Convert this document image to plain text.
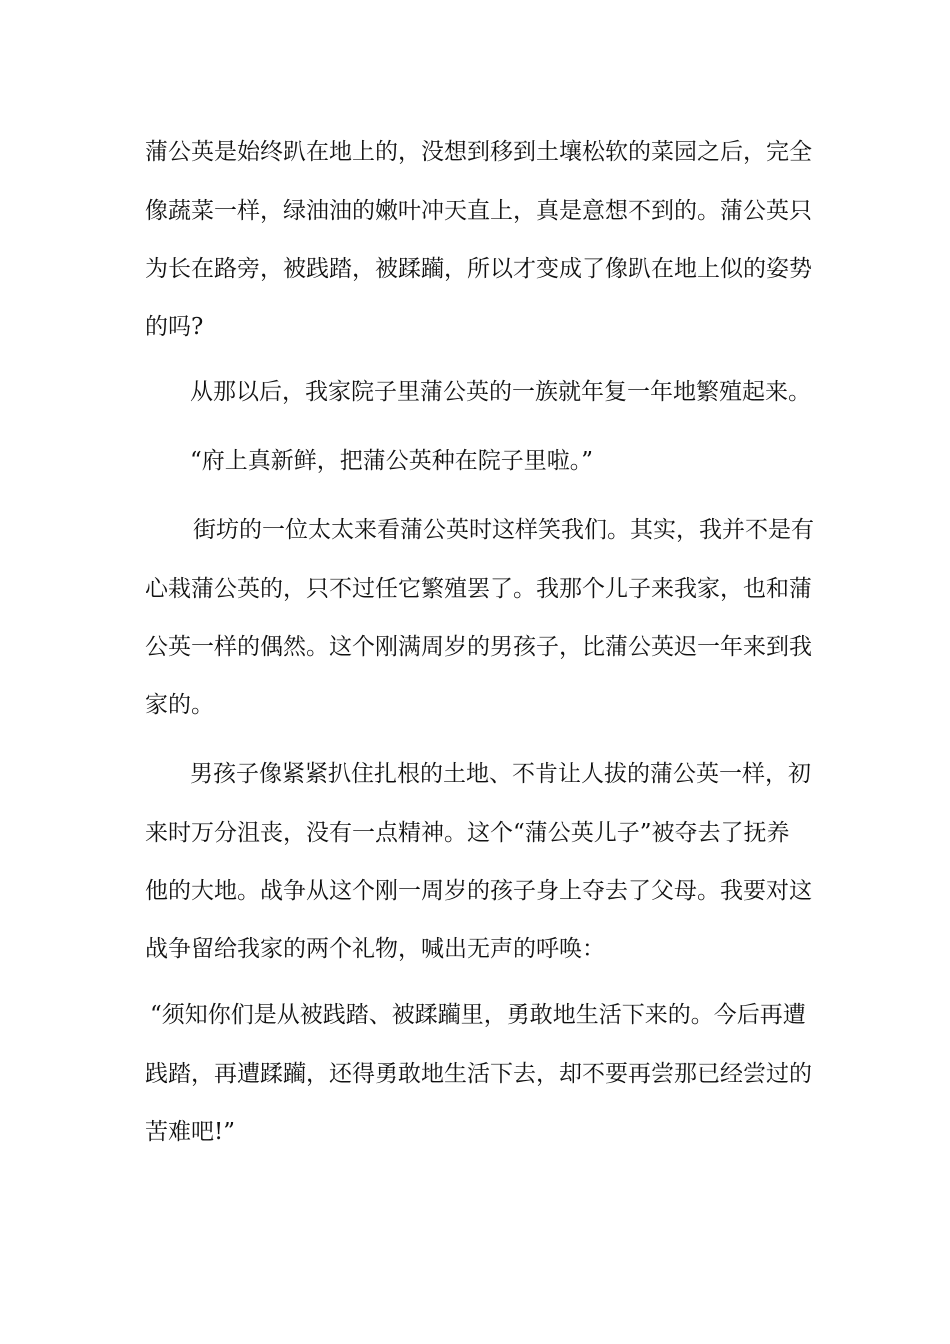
蒲公英是始终趴在地上的，没想到移到土壤松软的菜园之后，完全

像蔬菜一样，绿油油的嫩叶冲天直上，真是意想不到的。蒲公英只

为长在路旁，被践踏，被蹂躏，所以才变成了像趴在地上似的姿势

的吗?

从那以后，我家院子里蒲公英的一族就年复一年地繁殖起来。

“府上真新鲜，把蒲公英种在院子里啦。”

街坊的一位太太来看蒲公英时这样笑我们。其实，我并不是有

心栽蒲公英的，只不过任它繁殖罢了。我那个儿子来我家，也和蒲

公英一样的偶然。这个刚满周岁的男孩子，比蒲公英迟一年来到我

家的。

男孩子像紧紧扒住扎根的土地、不肯让人拔的蒲公英一样，初

来时万分沮丧，没有一点精神。这个“蒲公英儿子”被夺去了抚养

他的大地。战争从这个刚一周岁的孩子身上夺去了父母。我要对这

战争留给我家的两个礼物，喊出无声的呼唤：

“须知你们是从被践踏、被蹂躏里，勇敢地生活下来的。今后再遭

践踏，再遭蹂躏，还得勇敢地生活下去，却不要再尝那已经尝过的

苦难吧!”
